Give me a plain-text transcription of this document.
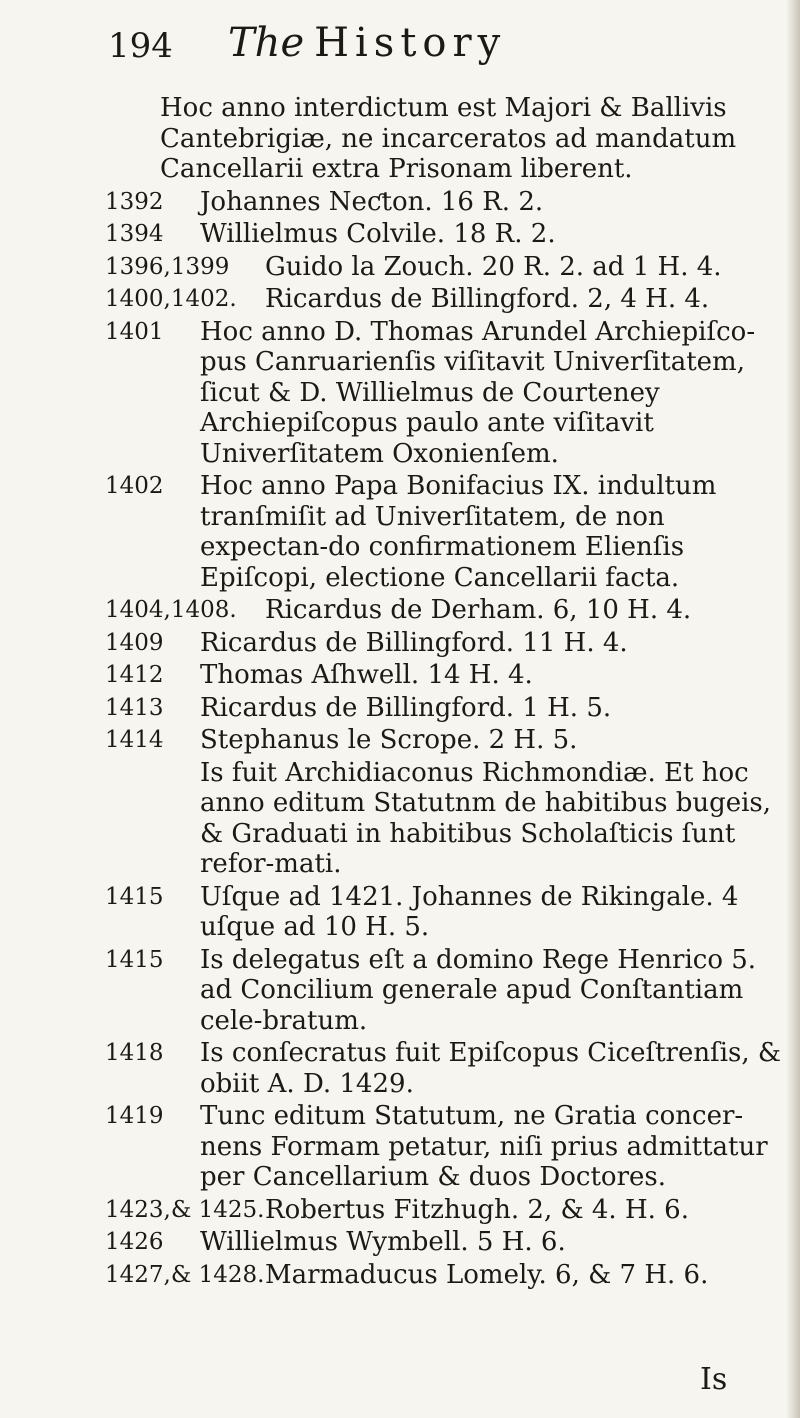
194 The History
Hoc anno interdictum est Majori & Ballivis Cantebrigiæ, ne incarceratos ad mandatum Cancellarii extra Prisonam liberent.
1392	Johannes Neƈton. 16 R. 2.
1394	Willielmus Colvile. 18 R. 2.
1396,1399	Guido la Zouch. 20 R. 2. ad 1 H. 4.
1400,1402.	Ricardus de Billingford. 2, 4 H. 4.
1401	Hoc anno D. Thomas Arundel Archiepiſco-pus Canruarienſis viſitavit Univerſitatem, ſicut & D. Willielmus de Courteney Archiepiſcopus paulo ante viſitavit Univerſitatem Oxonienſem.
1402	Hoc anno Papa Bonifacius IX. indultum tranſmiſit ad Univerſitatem, de non expectan-do confirmationem Elienſis Epiſcopi, electione Cancellarii facta.
1404,1408.	Ricardus de Derham. 6, 10 H. 4.
1409	Ricardus de Billingford. 11 H. 4.
1412	Thomas Aſhwell. 14 H. 4.
1413	Ricardus de Billingford. 1 H. 5.
1414	Stephanus le Scrope. 2 H. 5.
Is fuit Archidiaconus Richmondiæ. Et hoc anno editum Statutnm de habitibus bugeis, & Graduati in habitibus Scholaſticis ſunt refor-mati.
1415	Uſque ad 1421. Johannes de Rikingale. 4 uſque ad 10 H. 5.
1415	Is delegatus eſt a domino Rege Henrico 5. ad Concilium generale apud Conſtantiam cele-bratum.
1418	Is conſecratus fuit Epiſcopus Ciceſtrenſis, & obiit A. D. 1429.
1419	Tunc editum Statutum, ne Gratia concer-nens Formam petatur, niſi prius admittatur per Cancellarium & duos Doctores.
1423,& 1425. Robertus Fitzhugh. 2, & 4. H. 6.
1426	Willielmus Wymbell. 5 H. 6.
1427,& 1428. Marmaducus Lomely. 6, & 7 H. 6.
Is
